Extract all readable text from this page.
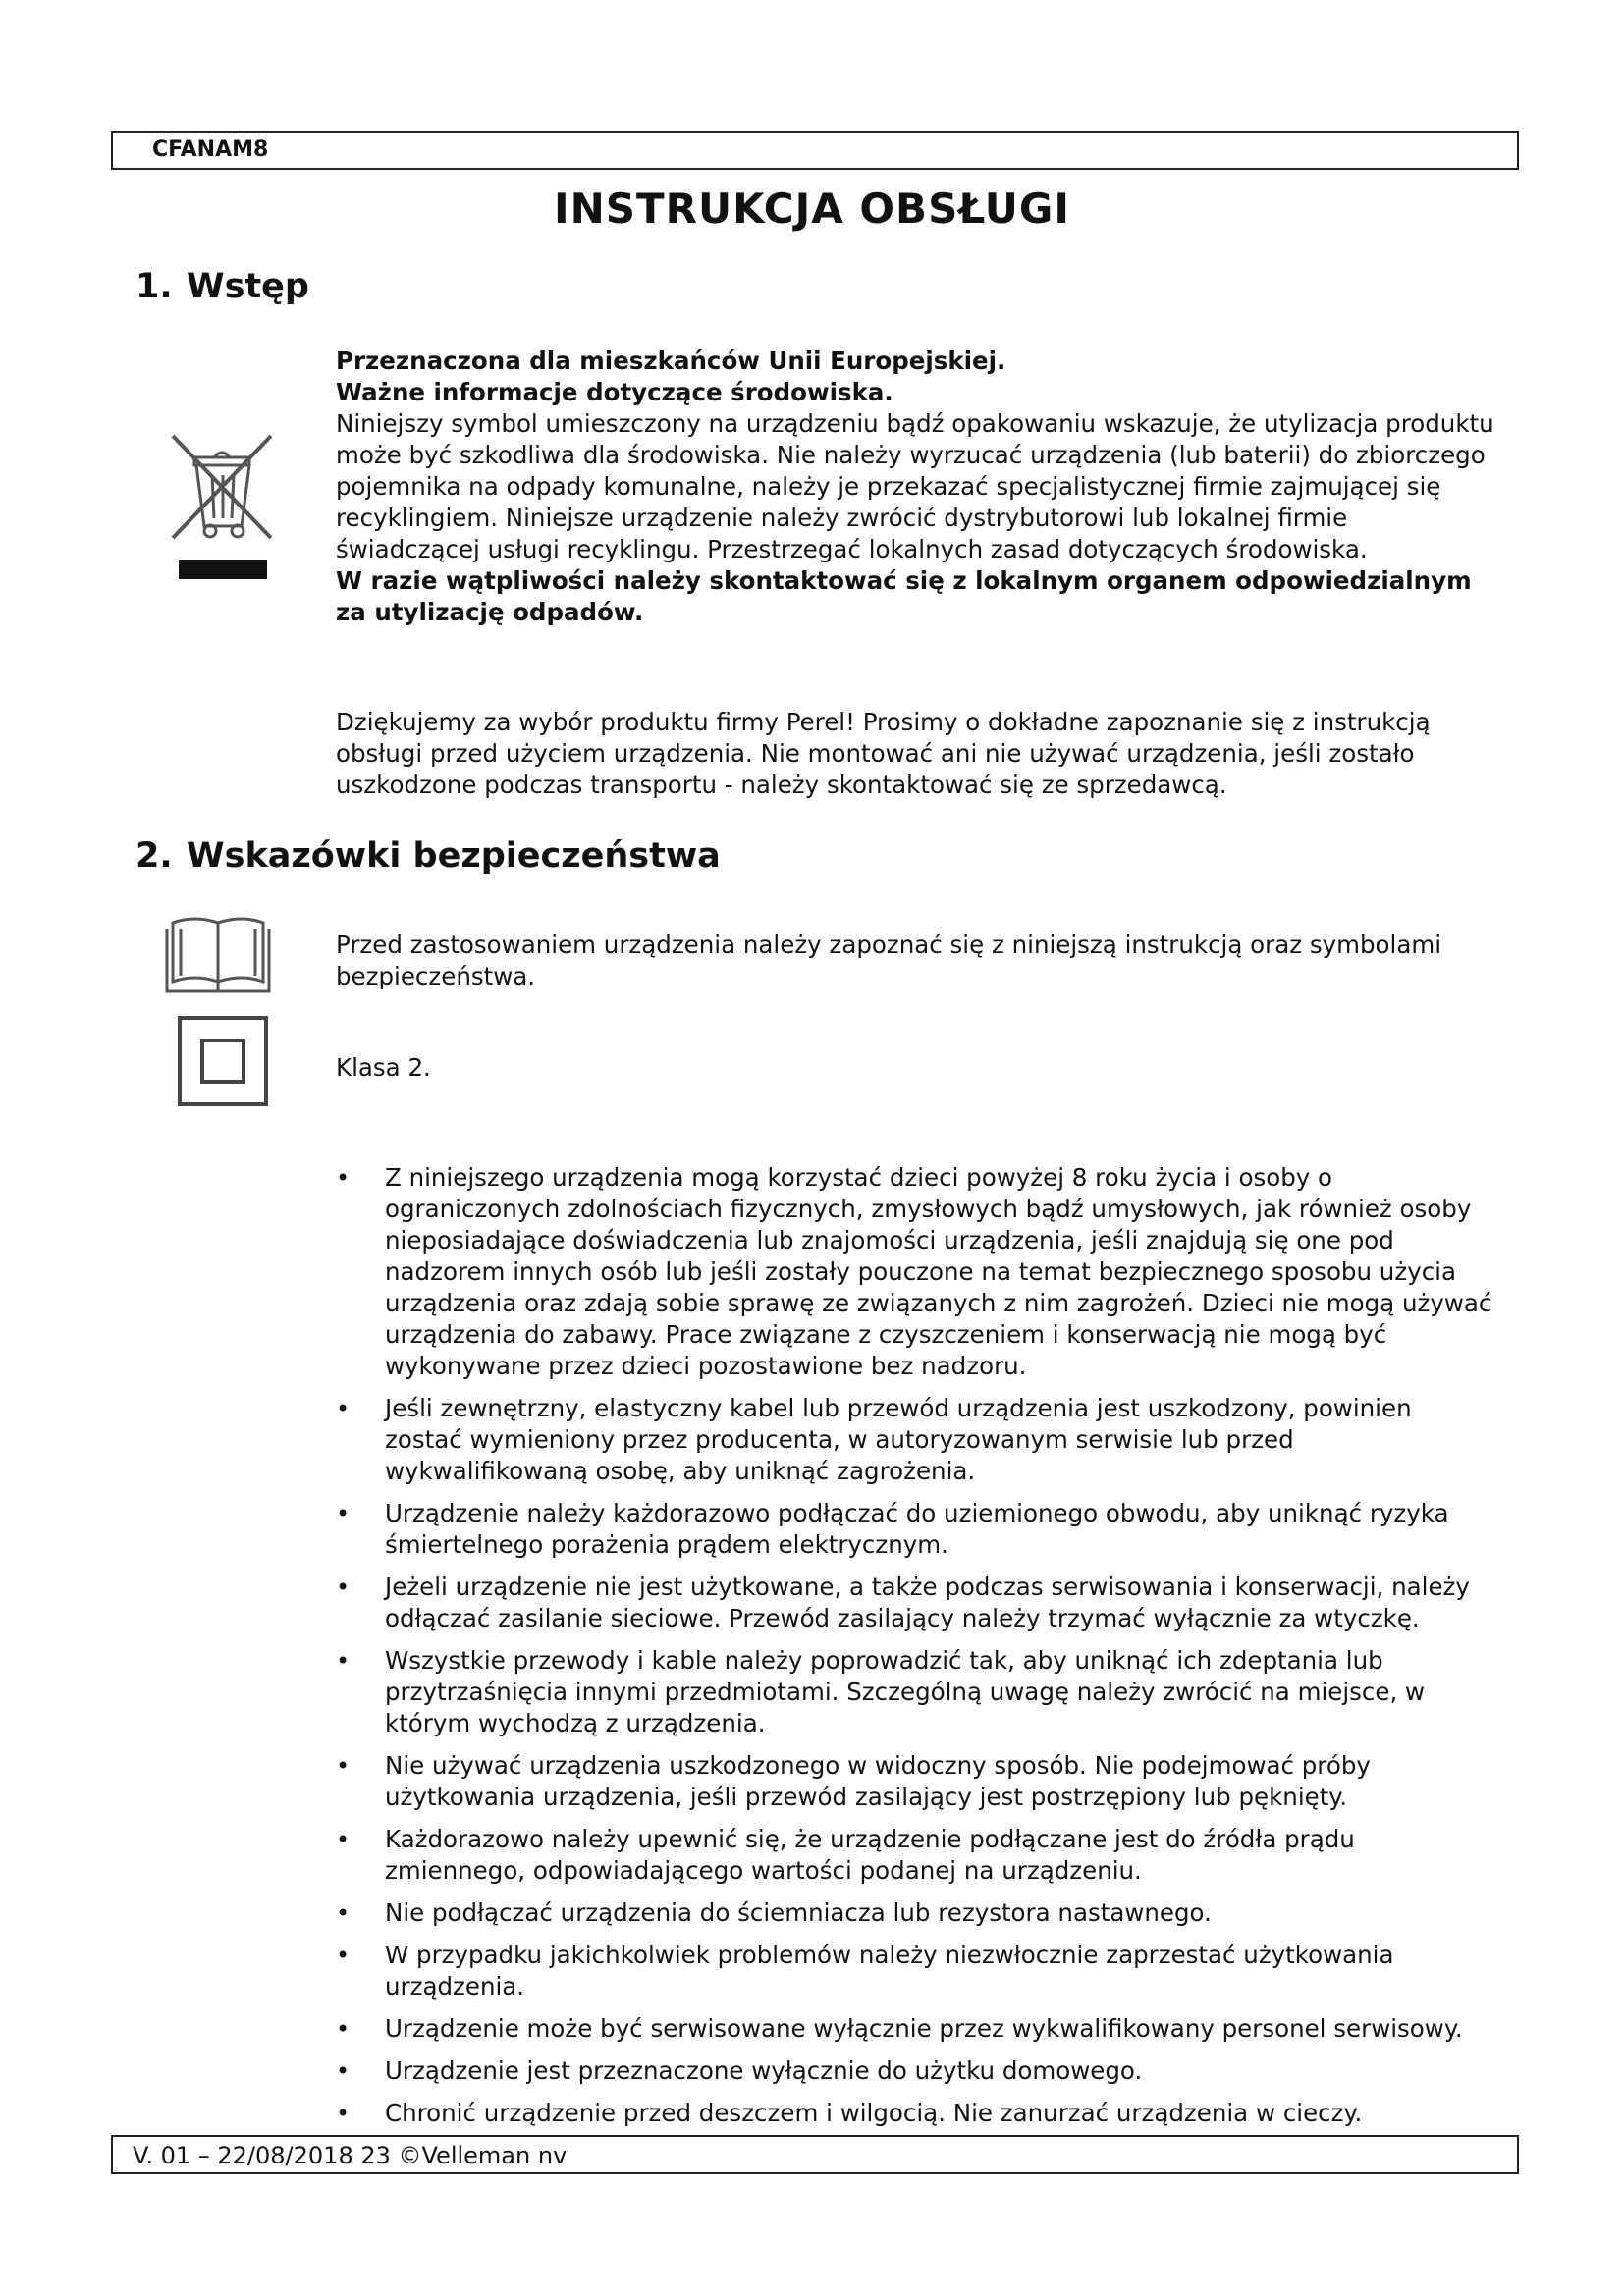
CFANAM8
INSTRUKCJA OBSŁUGI
1. Wstęp

Przeznaczona dla mieszkańców Unii Europejskiej.

Ważne informacje dotyczące środowiska.

Niniejszy symbol umieszczony na urządzeniu bądź opakowaniu wskazuje, że utylizacja produktu może być szkodliwa dla środowiska. Nie należy wyrzucać urządzenia (lub baterii) do zbiorczego pojemnika na odpady komunalne, należy je przekazać specjalistycznej firmie zajmującej się recyklingiem. Niniejsze urządzenie należy zwrócić dystrybutorowi lub lokalnej firmie świadczącej usługi recyklingu. Przestrzegać lokalnych zasad dotyczących środowiska.

W razie wątpliwości należy skontaktować się z lokalnym organem odpowiedzialnym za utylizację odpadów.

Dziękujemy za wybór produktu firmy Perel! Prosimy o dokładne zapoznanie się z instrukcją obsługi przed użyciem urządzenia. Nie montować ani nie używać urządzenia, jeśli zostało uszkodzone podczas transportu - należy skontaktować się ze sprzedawcą.
2. Wskazówki bezpieczeństwa
Przed zastosowaniem urządzenia należy zapoznać się z niniejszą instrukcją oraz symbolami bezpieczeństwa.
Klasa 2.
• Z niniejszego urządzenia mogą korzystać dzieci powyżej 8 roku życia i osoby o ograniczonych zdolnościach fizycznych, zmysłowych bądź umysłowych, jak również osoby nieposiadające doświadczenia lub znajomości urządzenia, jeśli znajdują się one pod nadzorem innych osób lub jeśli zostały pouczone na temat bezpiecznego sposobu użycia urządzenia oraz zdają sobie sprawę ze związanych z nim zagrożeń. Dzieci nie mogą używać urządzenia do zabawy. Prace związane z czyszczeniem i konserwacją nie mogą być wykonywane przez dzieci pozostawione bez nadzoru.
• Jeśli zewnętrzny, elastyczny kabel lub przewód urządzenia jest uszkodzony, powinien zostać wymieniony przez producenta, w autoryzowanym serwisie lub przed wykwalifikowaną osobę, aby uniknąć zagrożenia.
• Urządzenie należy każdorazowo podłączać do uziemionego obwodu, aby uniknąć ryzyka śmiertelnego porażenia prądem elektrycznym.
• Jeżeli urządzenie nie jest użytkowane, a także podczas serwisowania i konserwacji, należy odłączać zasilanie sieciowe. Przewód zasilający należy trzymać wyłącznie za wtyczkę.
• Wszystkie przewody i kable należy poprowadzić tak, aby uniknąć ich zdeptania lub przytrzaśnięcia innymi przedmiotami. Szczególną uwagę należy zwrócić na miejsce, w którym wychodzą z urządzenia.
• Nie używać urządzenia uszkodzonego w widoczny sposób. Nie podejmować próby użytkowania urządzenia, jeśli przewód zasilający jest postrzępiony lub pęknięty.
• Każdorazowo należy upewnić się, że urządzenie podłączane jest do źródła prądu zmiennego, odpowiadającego wartości podanej na urządzeniu.
• Nie podłączać urządzenia do ściemniacza lub rezystora nastawnego.
• W przypadku jakichkolwiek problemów należy niezwłocznie zaprzestać użytkowania urządzenia.
• Urządzenie może być serwisowane wyłącznie przez wykwalifikowany personel serwisowy.
• Urządzenie jest przeznaczone wyłącznie do użytku domowego.
• Chronić urządzenie przed deszczem i wilgocią. Nie zanurzać urządzenia w cieczy.
V. 01 – 22/08/2018 23 ©Velleman nv
